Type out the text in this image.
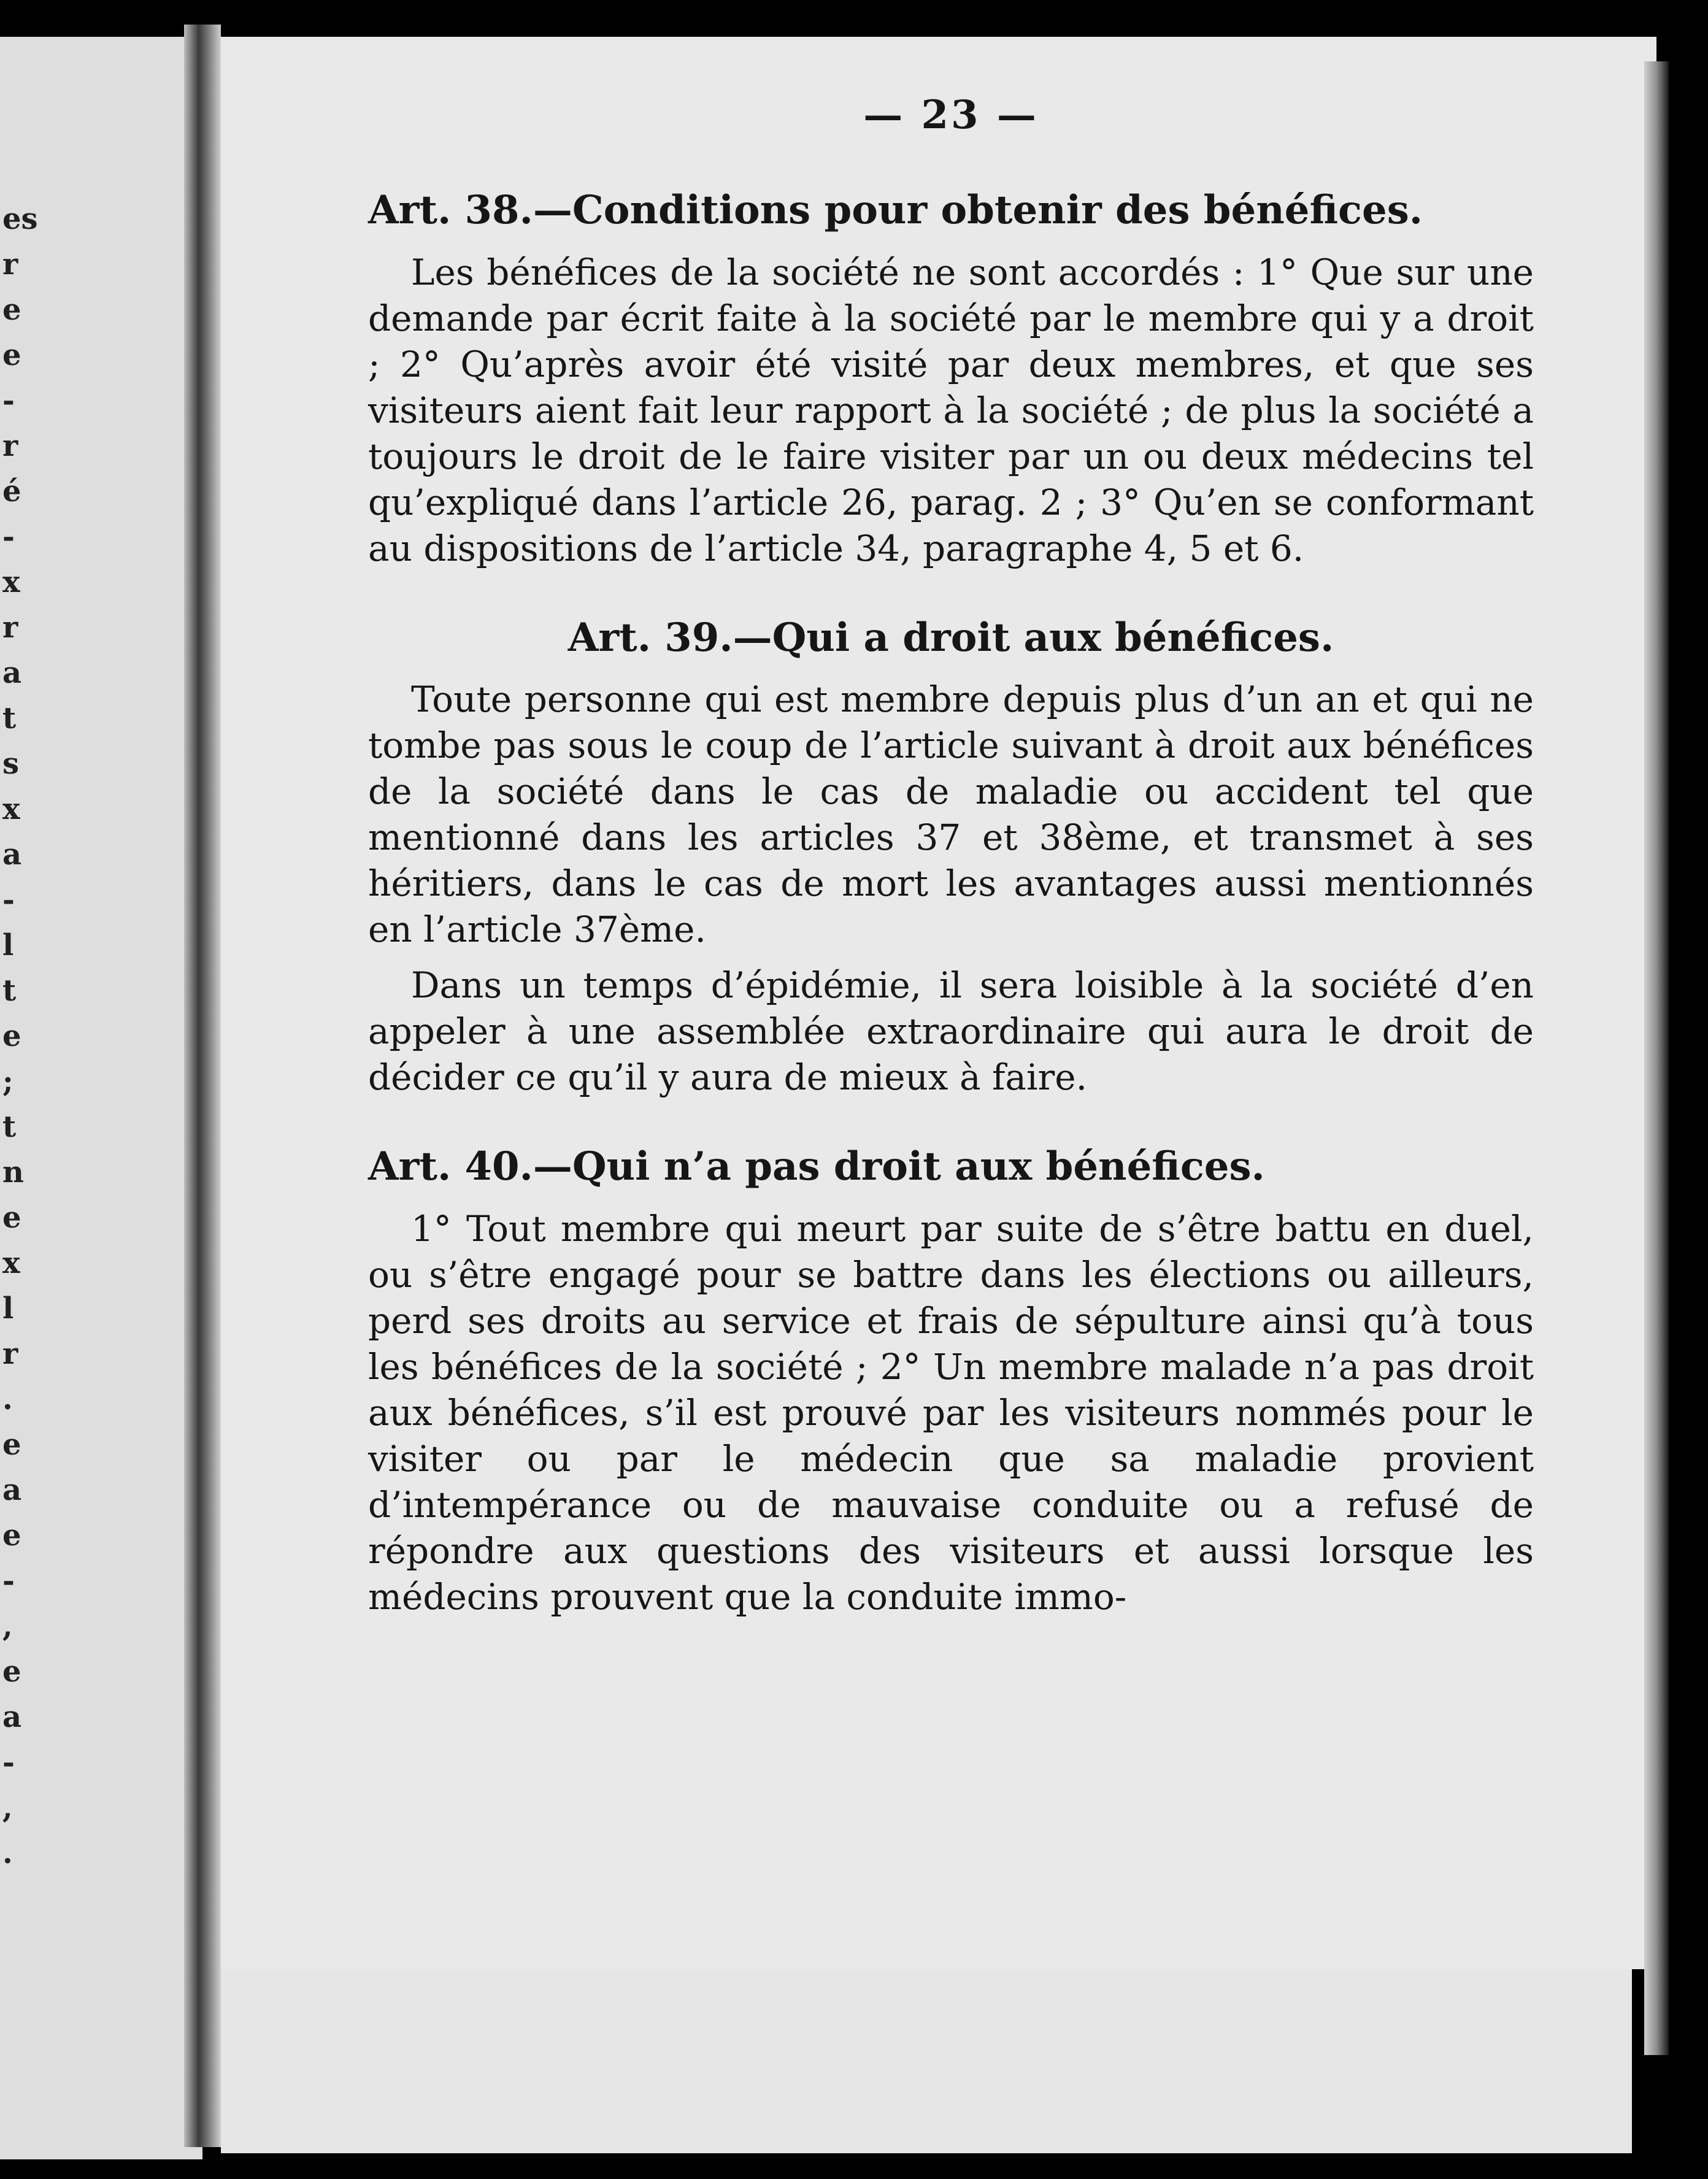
es
r
e
e
-
r
é
-
x
r
a
t
s
x
a
-
l
t
e
;
t
n
e
x
l
r
.
e
a
e
-
,
e
a
-
,
.
— 23 —
Art. 38.—Conditions pour obtenir des bénéfices.

Les bénéfices de la société ne sont accordés : 1° Que sur une demande par écrit faite à la société par le membre qui y a droit ; 2° Qu’après avoir été visité par deux membres, et que ses visiteurs aient fait leur rapport à la société ; de plus la société a toujours le droit de le faire visiter par un ou deux médecins tel qu’expliqué dans l’article 26, parag. 2 ; 3° Qu’en se conformant au dispositions de l’article 34, paragraphe 4, 5 et 6.

Art. 39.—Qui a droit aux bénéfices.

Toute personne qui est membre depuis plus d’un an et qui ne tombe pas sous le coup de l’article suivant à droit aux bénéfices de la société dans le cas de maladie ou accident tel que mentionné dans les articles 37 et 38ème, et transmet à ses héritiers, dans le cas de mort les avantages aussi mentionnés en l’article 37ème.

Dans un temps d’épidémie, il sera loisible à la société d’en appeler à une assemblée extraordinaire qui aura le droit de décider ce qu’il y aura de mieux à faire.

Art. 40.—Qui n’a pas droit aux bénéfices.

1° Tout membre qui meurt par suite de s’être battu en duel, ou s’être engagé pour se battre dans les élections ou ailleurs, perd ses droits au service et frais de sépulture ainsi qu’à tous les bénéfices de la société ; 2° Un membre malade n’a pas droit aux bénéfices, s’il est prouvé par les visiteurs nommés pour le visiter ou par le médecin que sa maladie provient d’intempérance ou de mauvaise conduite ou a refusé de répondre aux questions des visiteurs et aussi lorsque les médecins prouvent que la conduite immo-
